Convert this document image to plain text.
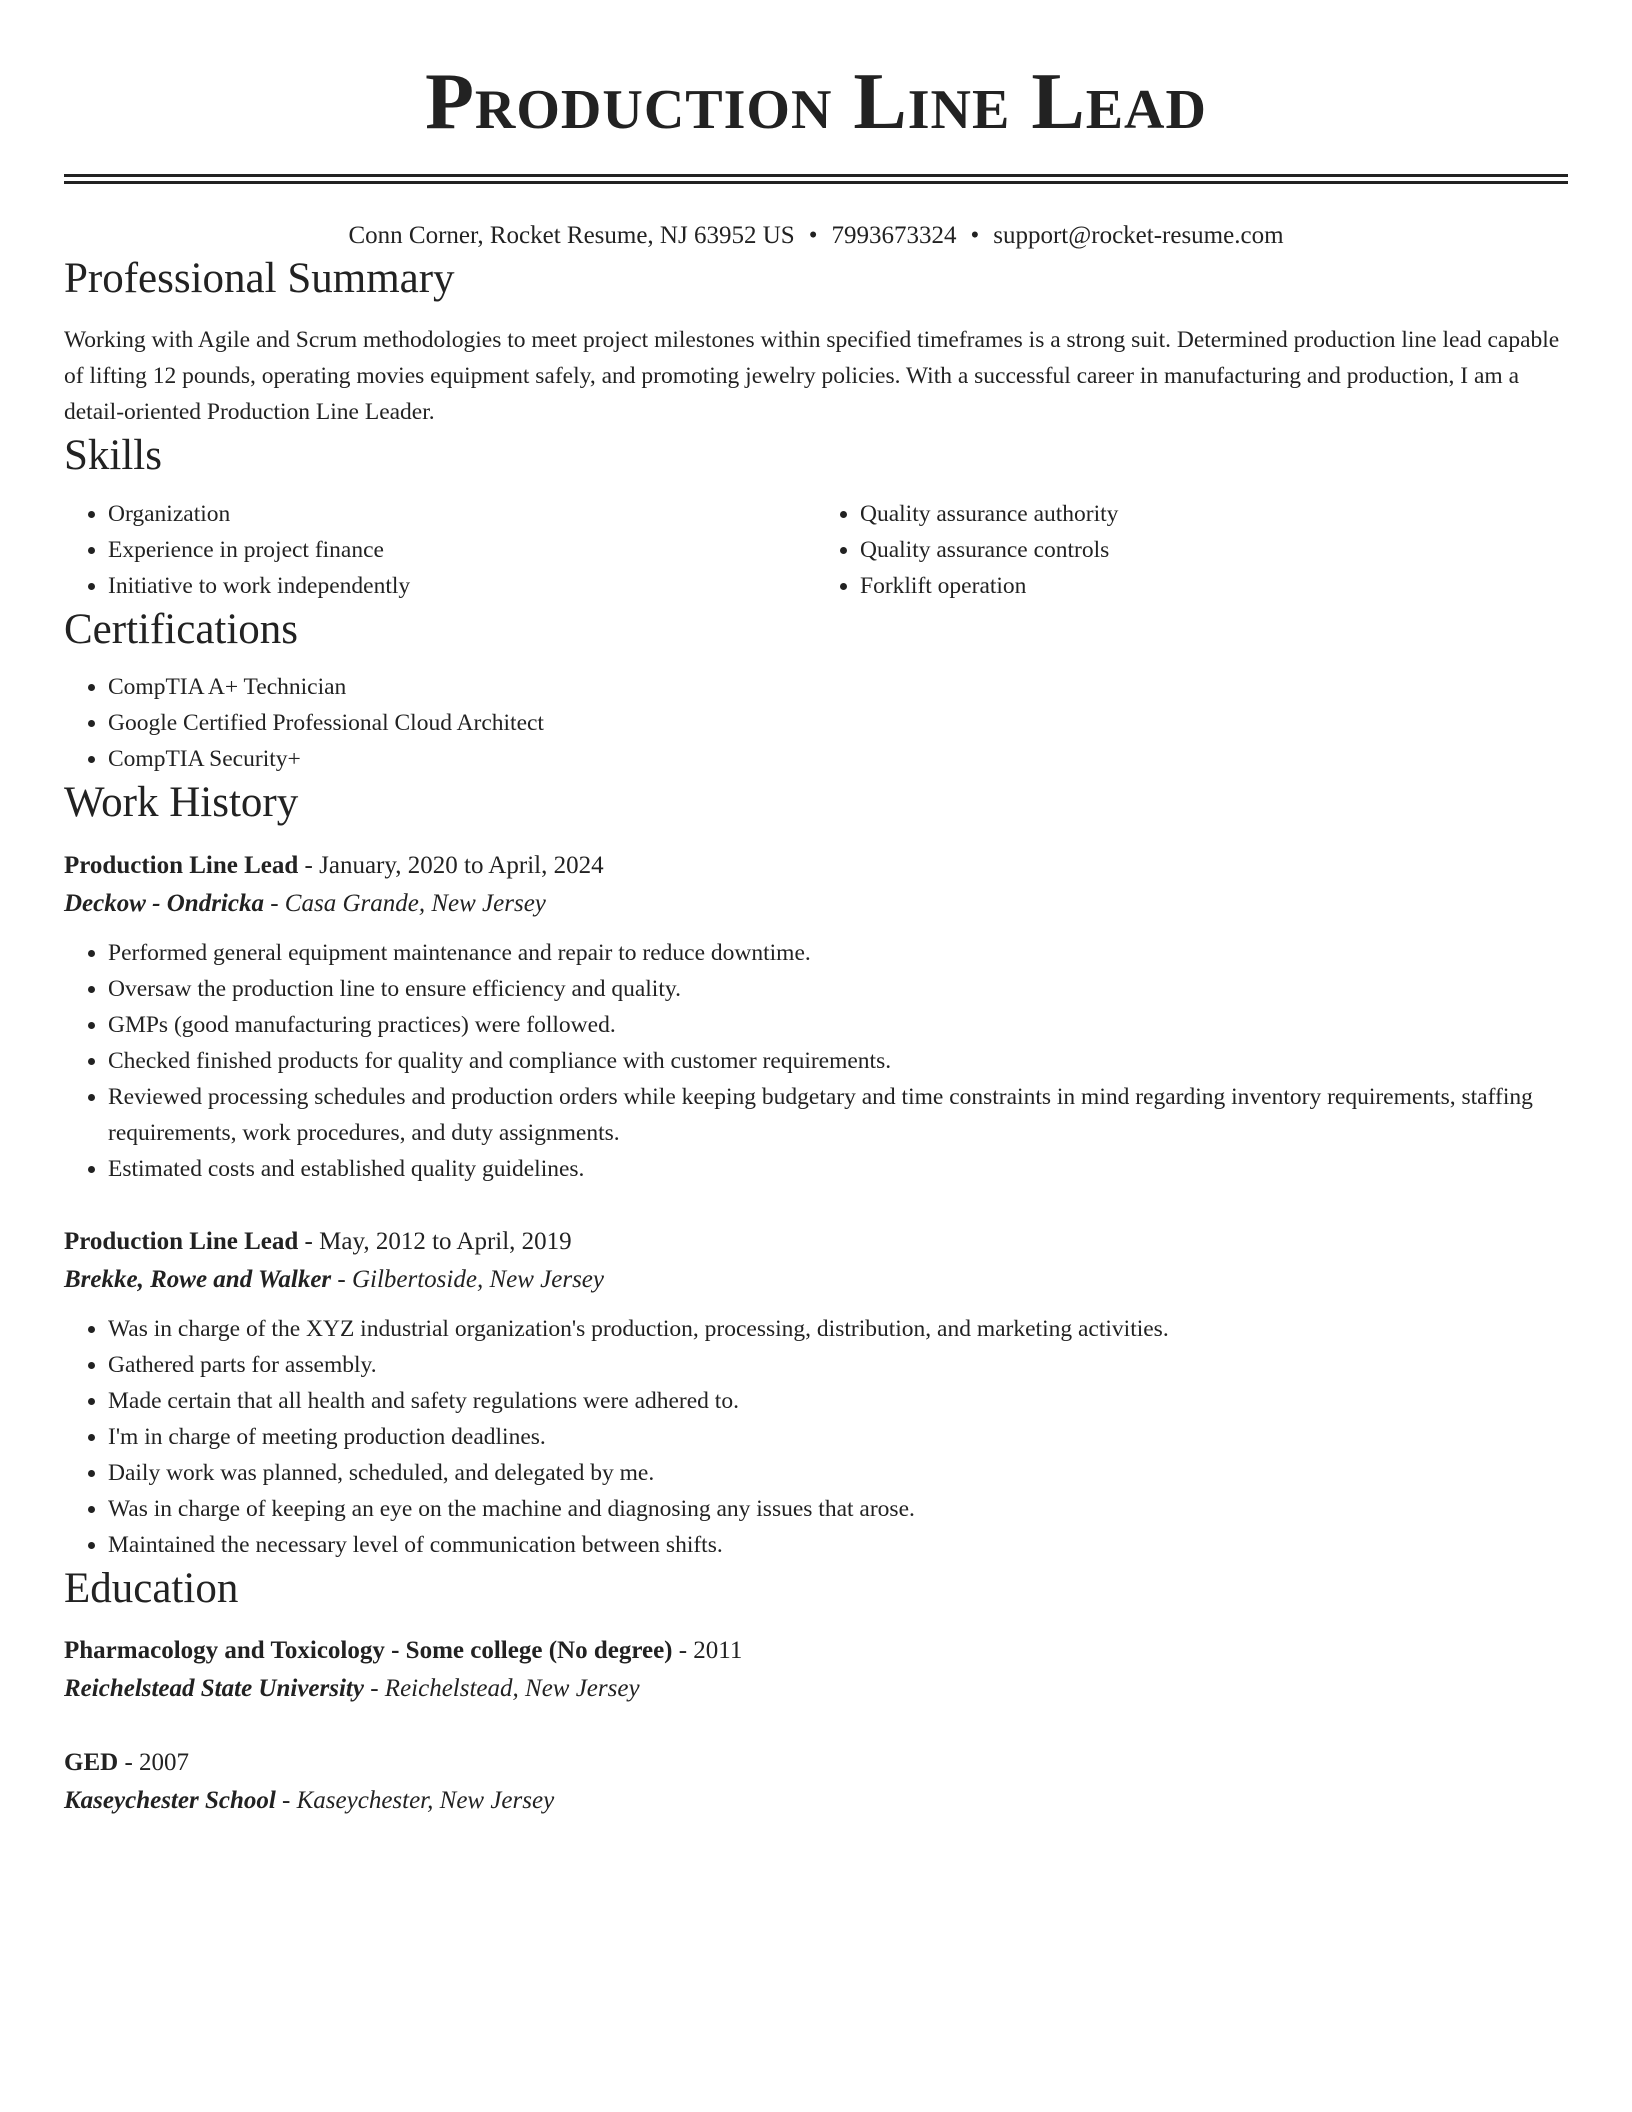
Production Line Lead
Conn Corner, Rocket Resume, NJ 63952 US • 7993673324 • support@rocket-resume.com
Professional Summary

Working with Agile and Scrum methodologies to meet project milestones within specified timeframes is a strong suit. Determined production line lead capable of lifting 12 pounds, operating movies equipment safely, and promoting jewelry policies. With a successful career in manufacturing and production, I am a detail-oriented Production Line Leader.

Skills
• Organization
• Experience in project finance
• Initiative to work independently
• Quality assurance authority
• Quality assurance controls
• Forklift operation
Certifications
• CompTIA A+ Technician
• Google Certified Professional Cloud Architect
• CompTIA Security+
Work History
Production Line Lead - January, 2020 to April, 2024
Deckow - Ondricka - Casa Grande, New Jersey
• Performed general equipment maintenance and repair to reduce downtime.
• Oversaw the production line to ensure efficiency and quality.
• GMPs (good manufacturing practices) were followed.
• Checked finished products for quality and compliance with customer requirements.
• Reviewed processing schedules and production orders while keeping budgetary and time constraints in mind regarding inventory requirements, staffing requirements, work procedures, and duty assignments.
• Estimated costs and established quality guidelines.
Production Line Lead - May, 2012 to April, 2019
Brekke, Rowe and Walker - Gilbertoside, New Jersey
• Was in charge of the XYZ industrial organization's production, processing, distribution, and marketing activities.
• Gathered parts for assembly.
• Made certain that all health and safety regulations were adhered to.
• I'm in charge of meeting production deadlines.
• Daily work was planned, scheduled, and delegated by me.
• Was in charge of keeping an eye on the machine and diagnosing any issues that arose.
• Maintained the necessary level of communication between shifts.
Education
Pharmacology and Toxicology - Some college (No degree) - 2011
Reichelstead State University - Reichelstead, New Jersey
GED - 2007
Kaseychester School - Kaseychester, New Jersey
